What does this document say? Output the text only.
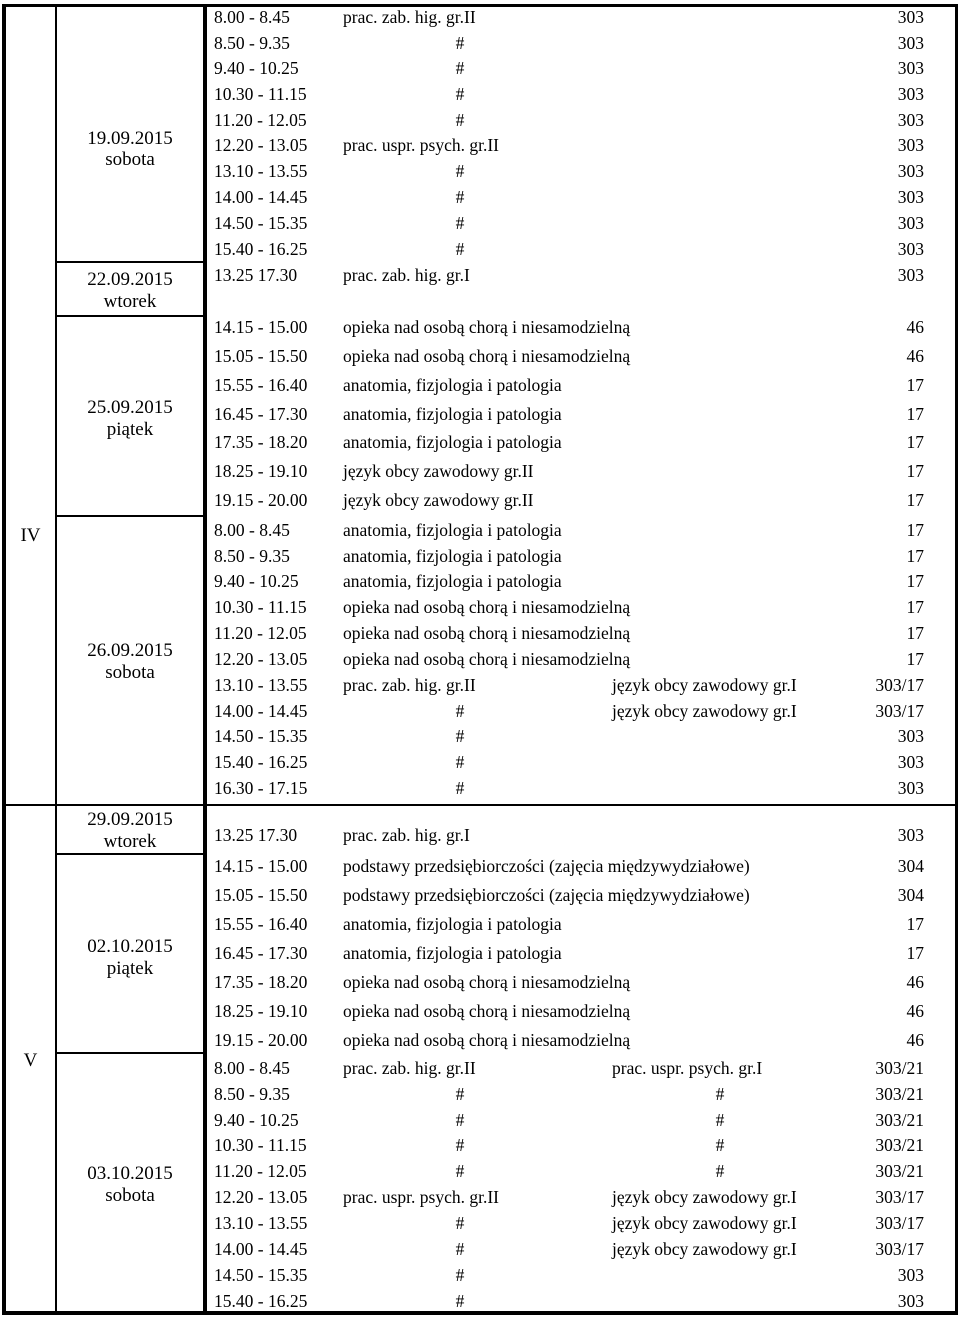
IV
19.09.2015
sobota
8.00 - 8.45	prac. zab. hig. gr.II	303
8.50 - 9.35	#	303
9.40 - 10.25	#	303
10.30 - 11.15	#	303
11.20 - 12.05	#	303
12.20 - 13.05 prac. uspr. psych. gr.II	303
13.10 - 13.55	#	303
14.00 - 14.45	#	303
14.50 - 15.35	#	303
15.40 - 16.25	#	303
22.09.2015
wtorek
13.25 17.30	prac. zab. hig. gr.I	303
25.09.2015
piątek
14.15 - 15.00 opieka nad osobą chorą i niesamodzielną	46
15.05 - 15.50 opieka nad osobą chorą i niesamodzielną	46
15.55 - 16.40 anatomia, fizjologia i patologia	17
16.45 - 17.30 anatomia, fizjologia i patologia	17
17.35 - 18.20 anatomia, fizjologia i patologia	17
18.25 - 19.10 język obcy zawodowy gr.II	17
19.15 - 20.00 język obcy zawodowy gr.II	17
26.09.2015
sobota
8.00 - 8.45	anatomia, fizjologia i patologia	17
8.50 - 9.35	anatomia, fizjologia i patologia	17
9.40 - 10.25	anatomia, fizjologia i patologia	17
10.30 - 11.15 opieka nad osobą chorą i niesamodzielną	17
11.20 - 12.05 opieka nad osobą chorą i niesamodzielną	17
12.20 - 13.05 opieka nad osobą chorą i niesamodzielną	17
13.10 - 13.55 prac. zab. hig. gr.II	język obcy zawodowy gr.I	303/17
14.00 - 14.45	#	język obcy zawodowy gr.I	303/17
14.50 - 15.35	#	303
15.40 - 16.25	#	303
16.30 - 17.15	#	303
V
29.09.2015
wtorek	13.25 17.30	prac. zab. hig. gr.I	303
02.10.2015
piątek
14.15 - 15.00 podstawy przedsiębiorczości (zajęcia międzywydziałowe)	304
15.05 - 15.50 podstawy przedsiębiorczości (zajęcia międzywydziałowe)	304
15.55 - 16.40 anatomia, fizjologia i patologia	17
16.45 - 17.30 anatomia, fizjologia i patologia	17
17.35 - 18.20 opieka nad osobą chorą i niesamodzielną	46
18.25 - 19.10 opieka nad osobą chorą i niesamodzielną	46
19.15 - 20.00 opieka nad osobą chorą i niesamodzielną	46
03.10.2015
sobota
8.00 - 8.45	prac. zab. hig. gr.II	prac. uspr. psych. gr.I	303/21
8.50 - 9.35	#	#	303/21
9.40 - 10.25	#	#	303/21
10.30 - 11.15	#	#	303/21
11.20 - 12.05	#	#	303/21
12.20 - 13.05 prac. uspr. psych. gr.II	język obcy zawodowy gr.I	303/17
13.10 - 13.55	#	język obcy zawodowy gr.I	303/17
14.00 - 14.45	#	język obcy zawodowy gr.I	303/17
14.50 - 15.35	#	303
15.40 - 16.25	#	303
